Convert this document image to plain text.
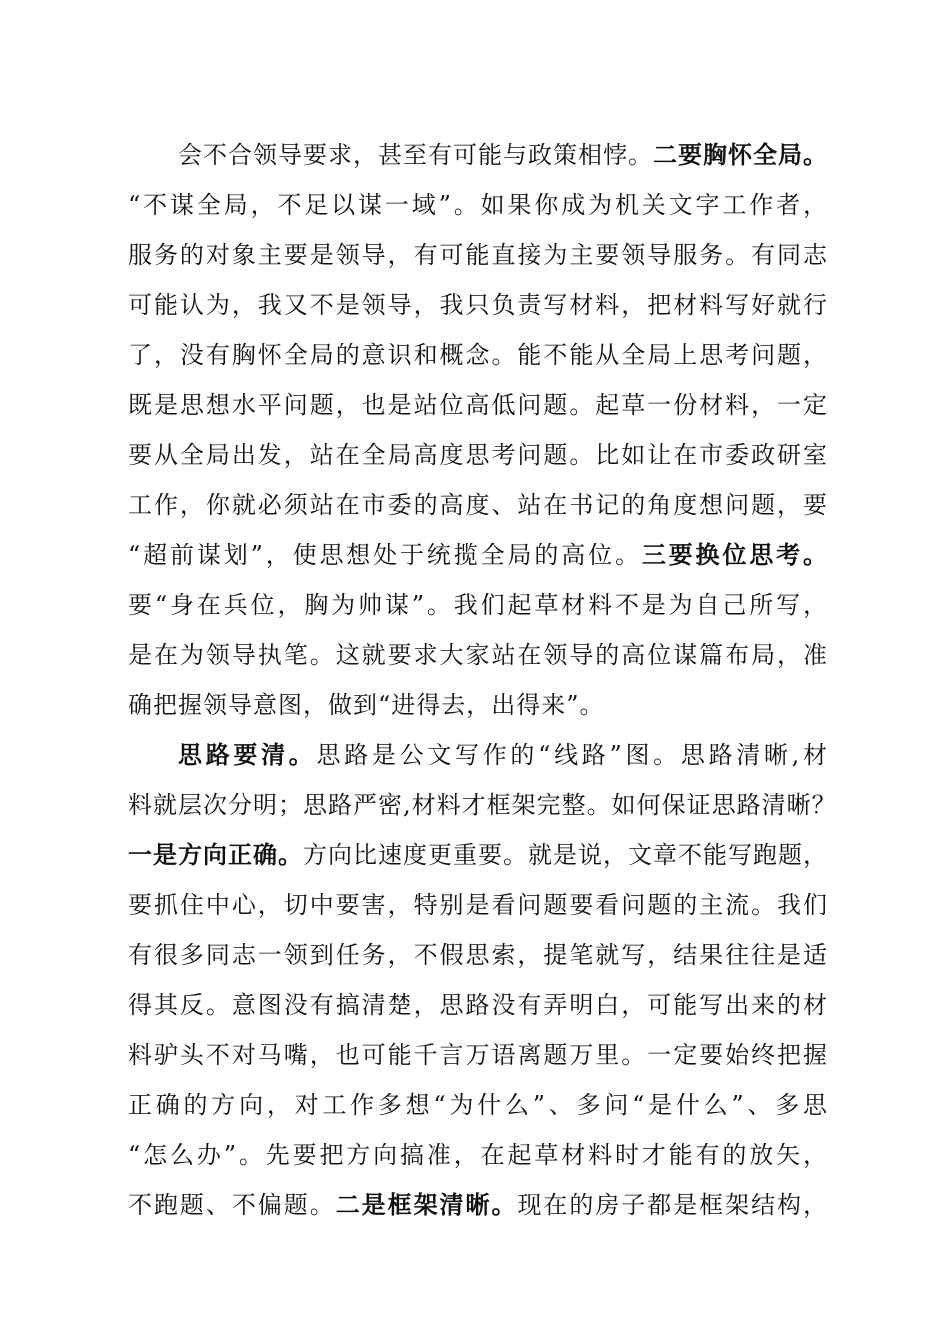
会不合领导要求，甚至有可能与政策相悖。二要胸怀全局。
“不谋全局，不足以谋一域”。如果你成为机关文字工作者，
服务的对象主要是领导，有可能直接为主要领导服务。有同志
可能认为，我又不是领导，我只负责写材料，把材料写好就行
了，没有胸怀全局的意识和概念。能不能从全局上思考问题，
既是思想水平问题，也是站位高低问题。起草一份材料，一定
要从全局出发，站在全局高度思考问题。比如让在市委政研室
工作，你就必须站在市委的高度、站在书记的角度想问题，要
“超前谋划”，使思想处于统揽全局的高位。三要换位思考。
要“身在兵位，胸为帅谋”。我们起草材料不是为自己所写，
是在为领导执笔。这就要求大家站在领导的高位谋篇布局，准
确把握领导意图，做到“进得去，出得来”。
思路要清。思路是公文写作的“线路”图。思路清晰,材
料就层次分明；思路严密,材料才框架完整。如何保证思路清晰？
一是方向正确。方向比速度更重要。就是说，文章不能写跑题，
要抓住中心，切中要害，特别是看问题要看问题的主流。我们
有很多同志一领到任务，不假思索，提笔就写，结果往往是适
得其反。意图没有搞清楚，思路没有弄明白，可能写出来的材
料驴头不对马嘴，也可能千言万语离题万里。一定要始终把握
正确的方向，对工作多想“为什么”、多问“是什么”、多思
“怎么办”。先要把方向搞准，在起草材料时才能有的放矢，
不跑题、不偏题。二是框架清晰。现在的房子都是框架结构，
